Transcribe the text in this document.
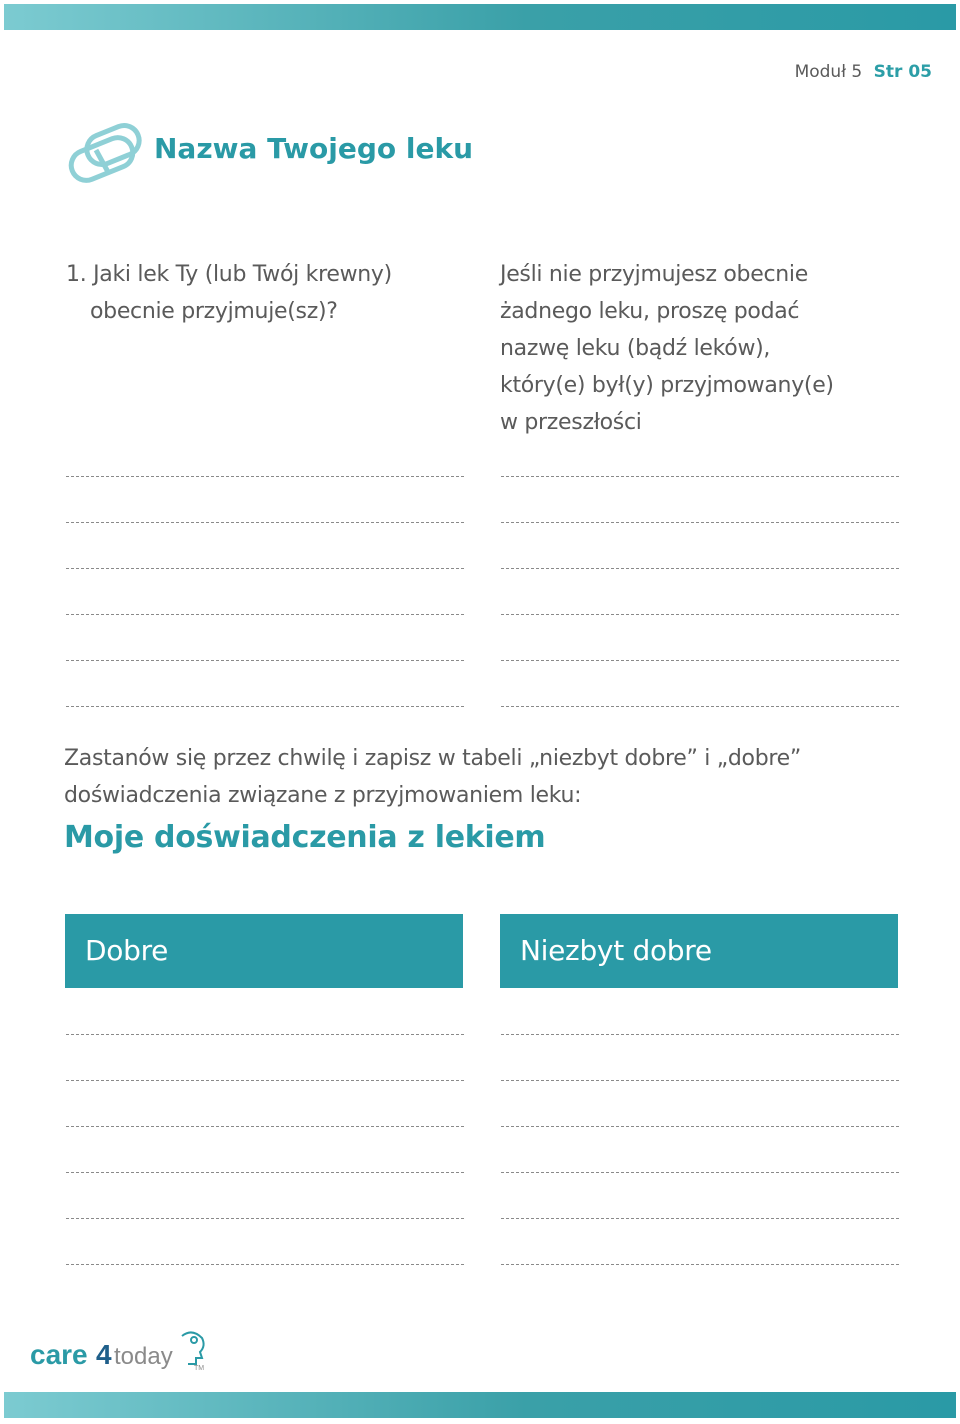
Moduł 5 Str 05
Nazwa Twojego leku
1. Jaki lek Ty (lub Twój krewny)
obecnie przyjmuje(sz)?
Jeśli nie przyjmujesz obecnie
żadnego leku, proszę podać
nazwę leku (bądź leków),
który(e) był(y) przyjmowany(e)
w przeszłości
Zastanów się przez chwilę i zapisz w tabeli „niezbyt dobre” i „dobre”
doświadczenia związane z przyjmowaniem leku:
Moje doświadczenia z lekiem
Dobre	Niezbyt dobre
care 4 today	TM
